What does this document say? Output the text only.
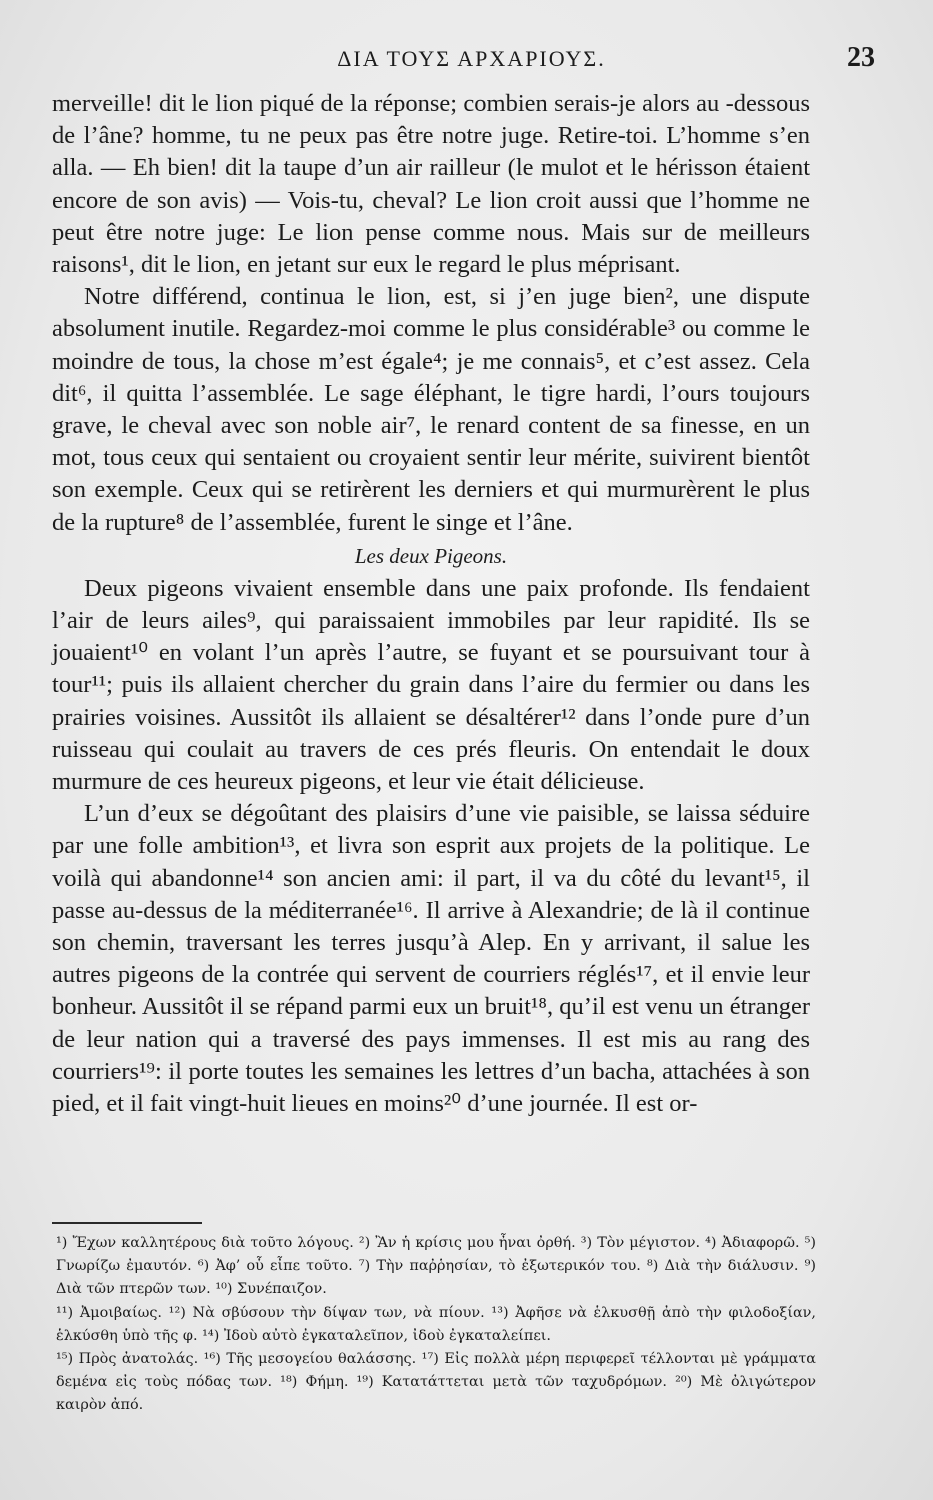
ΔΙΑ ΤΟΥΣ ΑΡΧΑΡΙΟΥΣ.	23

merveille! dit le lion piqué de la réponse; combien serais-je alors au -dessous de l’âne? homme, tu ne peux pas être notre juge. Retire-toi. L’homme s’en alla. — Eh bien! dit la taupe d’un air railleur (le mulot et le hérisson étaient encore de son avis) — Vois-tu, cheval? Le lion croit aussi que l’homme ne peut être notre juge: Le lion pense comme nous. Mais sur de meilleurs raisons¹, dit le lion, en jetant sur eux le regard le plus méprisant.

Notre différend, continua le lion, est, si j’en juge bien², une dispute absolument inutile. Regardez-moi comme le plus considérable³ ou comme le moindre de tous, la chose m’est égale⁴; je me connais⁵, et c’est assez. Cela dit⁶, il quitta l’assemblée. Le sage éléphant, le tigre hardi, l’ours toujours grave, le cheval avec son noble air⁷, le renard content de sa finesse, en un mot, tous ceux qui sentaient ou croyaient sentir leur mérite, suivirent bientôt son exemple. Ceux qui se retirèrent les derniers et qui murmurèrent le plus de la rupture⁸ de l’assemblée, furent le singe et l’âne.

Les deux Pigeons.

Deux pigeons vivaient ensemble dans une paix profonde. Ils fendaient l’air de leurs ailes⁹, qui paraissaient immobiles par leur rapidité. Ils se jouaient¹⁰ en volant l’un après l’autre, se fuyant et se poursuivant tour à tour¹¹; puis ils allaient chercher du grain dans l’aire du fermier ou dans les prairies voisines. Aussitôt ils allaient se désaltérer¹² dans l’onde pure d’un ruisseau qui coulait au travers de ces prés fleuris. On entendait le doux murmure de ces heureux pigeons, et leur vie était délicieuse.

L’un d’eux se dégoûtant des plaisirs d’une vie paisible, se laissa séduire par une folle ambition¹³, et livra son esprit aux projets de la politique. Le voilà qui abandonne¹⁴ son ancien ami: il part, il va du côté du levant¹⁵, il passe au-dessus de la méditerranée¹⁶. Il arrive à Alexandrie; de là il continue son chemin, traversant les terres jusqu’à Alep. En y arrivant, il salue les autres pigeons de la contrée qui servent de courriers réglés¹⁷, et il envie leur bonheur. Aussitôt il se répand parmi eux un bruit¹⁸, qu’il est venu un étranger de leur nation qui a traversé des pays immenses. Il est mis au rang des courriers¹⁹: il porte toutes les semaines les lettres d’un bacha, attachées à son pied, et il fait vingt-huit lieues en moins²⁰ d’une journée. Il est or-

¹) Ἔχων καλλητέρους διὰ τοῦτο λόγους. ²) Ἂν ἡ κρίσις μου ἦναι ὀρθή. ³) Τὸν μέγιστον. ⁴) Ἀδιαφορῶ. ⁵) Γνωρίζω ἐμαυτόν. ⁶) Ἀφ’ οὗ εἶπε τοῦτο. ⁷) Τὴν παῤῥησίαν, τὸ ἐξωτερικόν του. ⁸) Διὰ τὴν διάλυσιν. ⁹) Διὰ τῶν πτερῶν των. ¹⁰) Συνέπαιζον.

¹¹) Ἀμοιβαίως. ¹²) Νὰ σβύσουν τὴν δίψαν των, νὰ πίουν. ¹³) Ἀφῆσε νὰ ἑλκυσθῇ ἀπὸ τὴν φιλοδοξίαν, ἑλκύσθη ὑπὸ τῆς φ. ¹⁴) Ἰδοὺ αὐτὸ ἐγκαταλεῖπον, ἰδοὺ ἐγκαταλείπει.

¹⁵) Πρὸς ἀνατολάς. ¹⁶) Τῆς μεσογείου θαλάσσης. ¹⁷) Εἰς πολλὰ μέρη περιφερεῖ τέλλονται μὲ γράμματα δεμένα εἰς τοὺς πόδας των. ¹⁸) Φήμη. ¹⁹) Κατατάττεται μετὰ τῶν ταχυδρόμων. ²⁰) Μὲ ὀλιγώτερον καιρὸν ἀπό.
